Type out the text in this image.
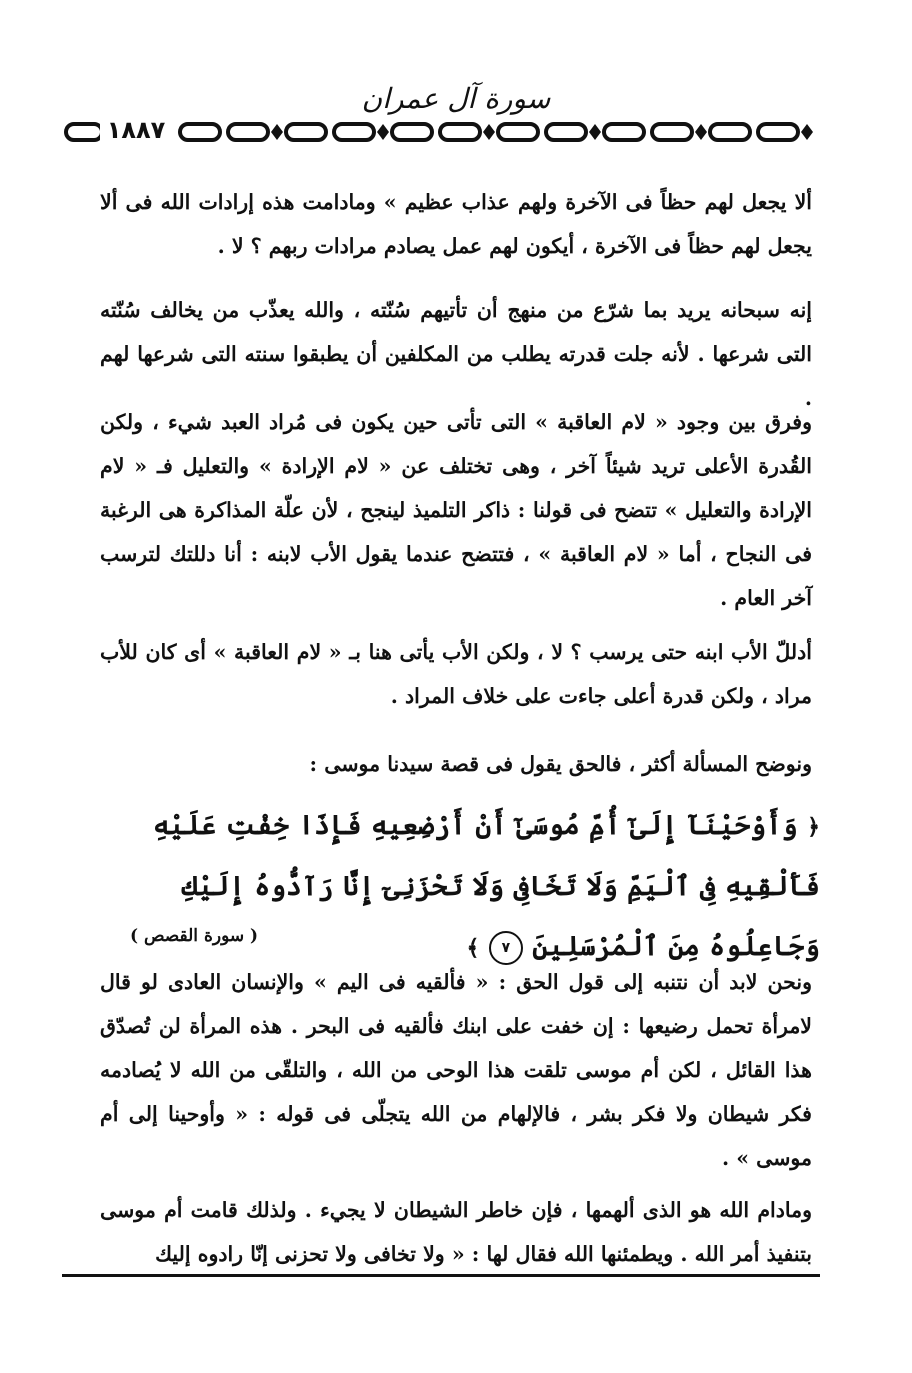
سورة آل عمران
١٨٨٧
ألا يجعل لهم حظاً فى الآخرة ولهم عذاب عظيم » ومادامت هذه إرادات الله فى ألا يجعل لهم حظاً فى الآخرة ، أيكون لهم عمل يصادم مرادات ربهم ؟ لا .
إنه سبحانه يريد بما شرّع من منهج أن تأتيهم سُنّته ، والله يعذّب من يخالف سُنّته التى شرعها . لأنه جلت قدرته يطلب من المكلفين أن يطبقوا سنته التى شرعها لهم .
وفرق بين وجود « لام العاقبة » التى تأتى حين يكون فى مُراد العبد شيء ، ولكن القُدرة الأعلى تريد شيئاً آخر ، وهى تختلف عن « لام الإرادة » والتعليل فـ « لام الإرادة والتعليل » تتضح فى قولنا : ذاكر التلميذ لينجح ، لأن علّة المذاكرة هى الرغبة فى النجاح ، أما « لام العاقبة » ، فتتضح عندما يقول الأب لابنه : أنا دللتك لترسب آخر العام .
أدللّ الأب ابنه حتى يرسب ؟ لا ، ولكن الأب يأتى هنا بـ « لام العاقبة » أى كان للأب مراد ، ولكن قدرة أعلى جاءت على خلاف المراد .
ونوضح المسألة أكثر ، فالحق يقول فى قصة سيدنا موسى :
﴿ وَأَوْحَيْنَآ إِلَىٰٓ أُمِّ مُوسَىٰٓ أَنْ أَرْضِعِيهِ فَإِذَا خِفْتِ عَلَيْهِ فَأَلْقِيهِ فِى ٱلْيَمِّ وَلَا تَخَافِى وَلَا تَحْزَنِىٓ إِنَّا رَآدُّوهُ إِلَيْكِ وَجَاعِلُوهُ مِنَ ٱلْمُرْسَلِينَ ٧ ﴾
( سورة القصص )
ونحن لابد أن نتنبه إلى قول الحق : « فألقيه فى اليم » والإنسان العادى لو قال لامرأة تحمل رضيعها : إن خفت على ابنك فألقيه فى البحر . هذه المرأة لن تُصدّق هذا القائل ، لكن أم موسى تلقت هذا الوحى من الله ، والتلقّى من الله لا يُصادمه فكر شيطان ولا فكر بشر ، فالإلهام من الله يتجلّى فى قوله : « وأوحينا إلى أم موسى » .
ومادام الله هو الذى ألهمها ، فإن خاطر الشيطان لا يجيء . ولذلك قامت أم موسى بتنفيذ أمر الله . ويطمئنها الله فقال لها : « ولا تخافى ولا تحزنى إنّا رادوه إليك
